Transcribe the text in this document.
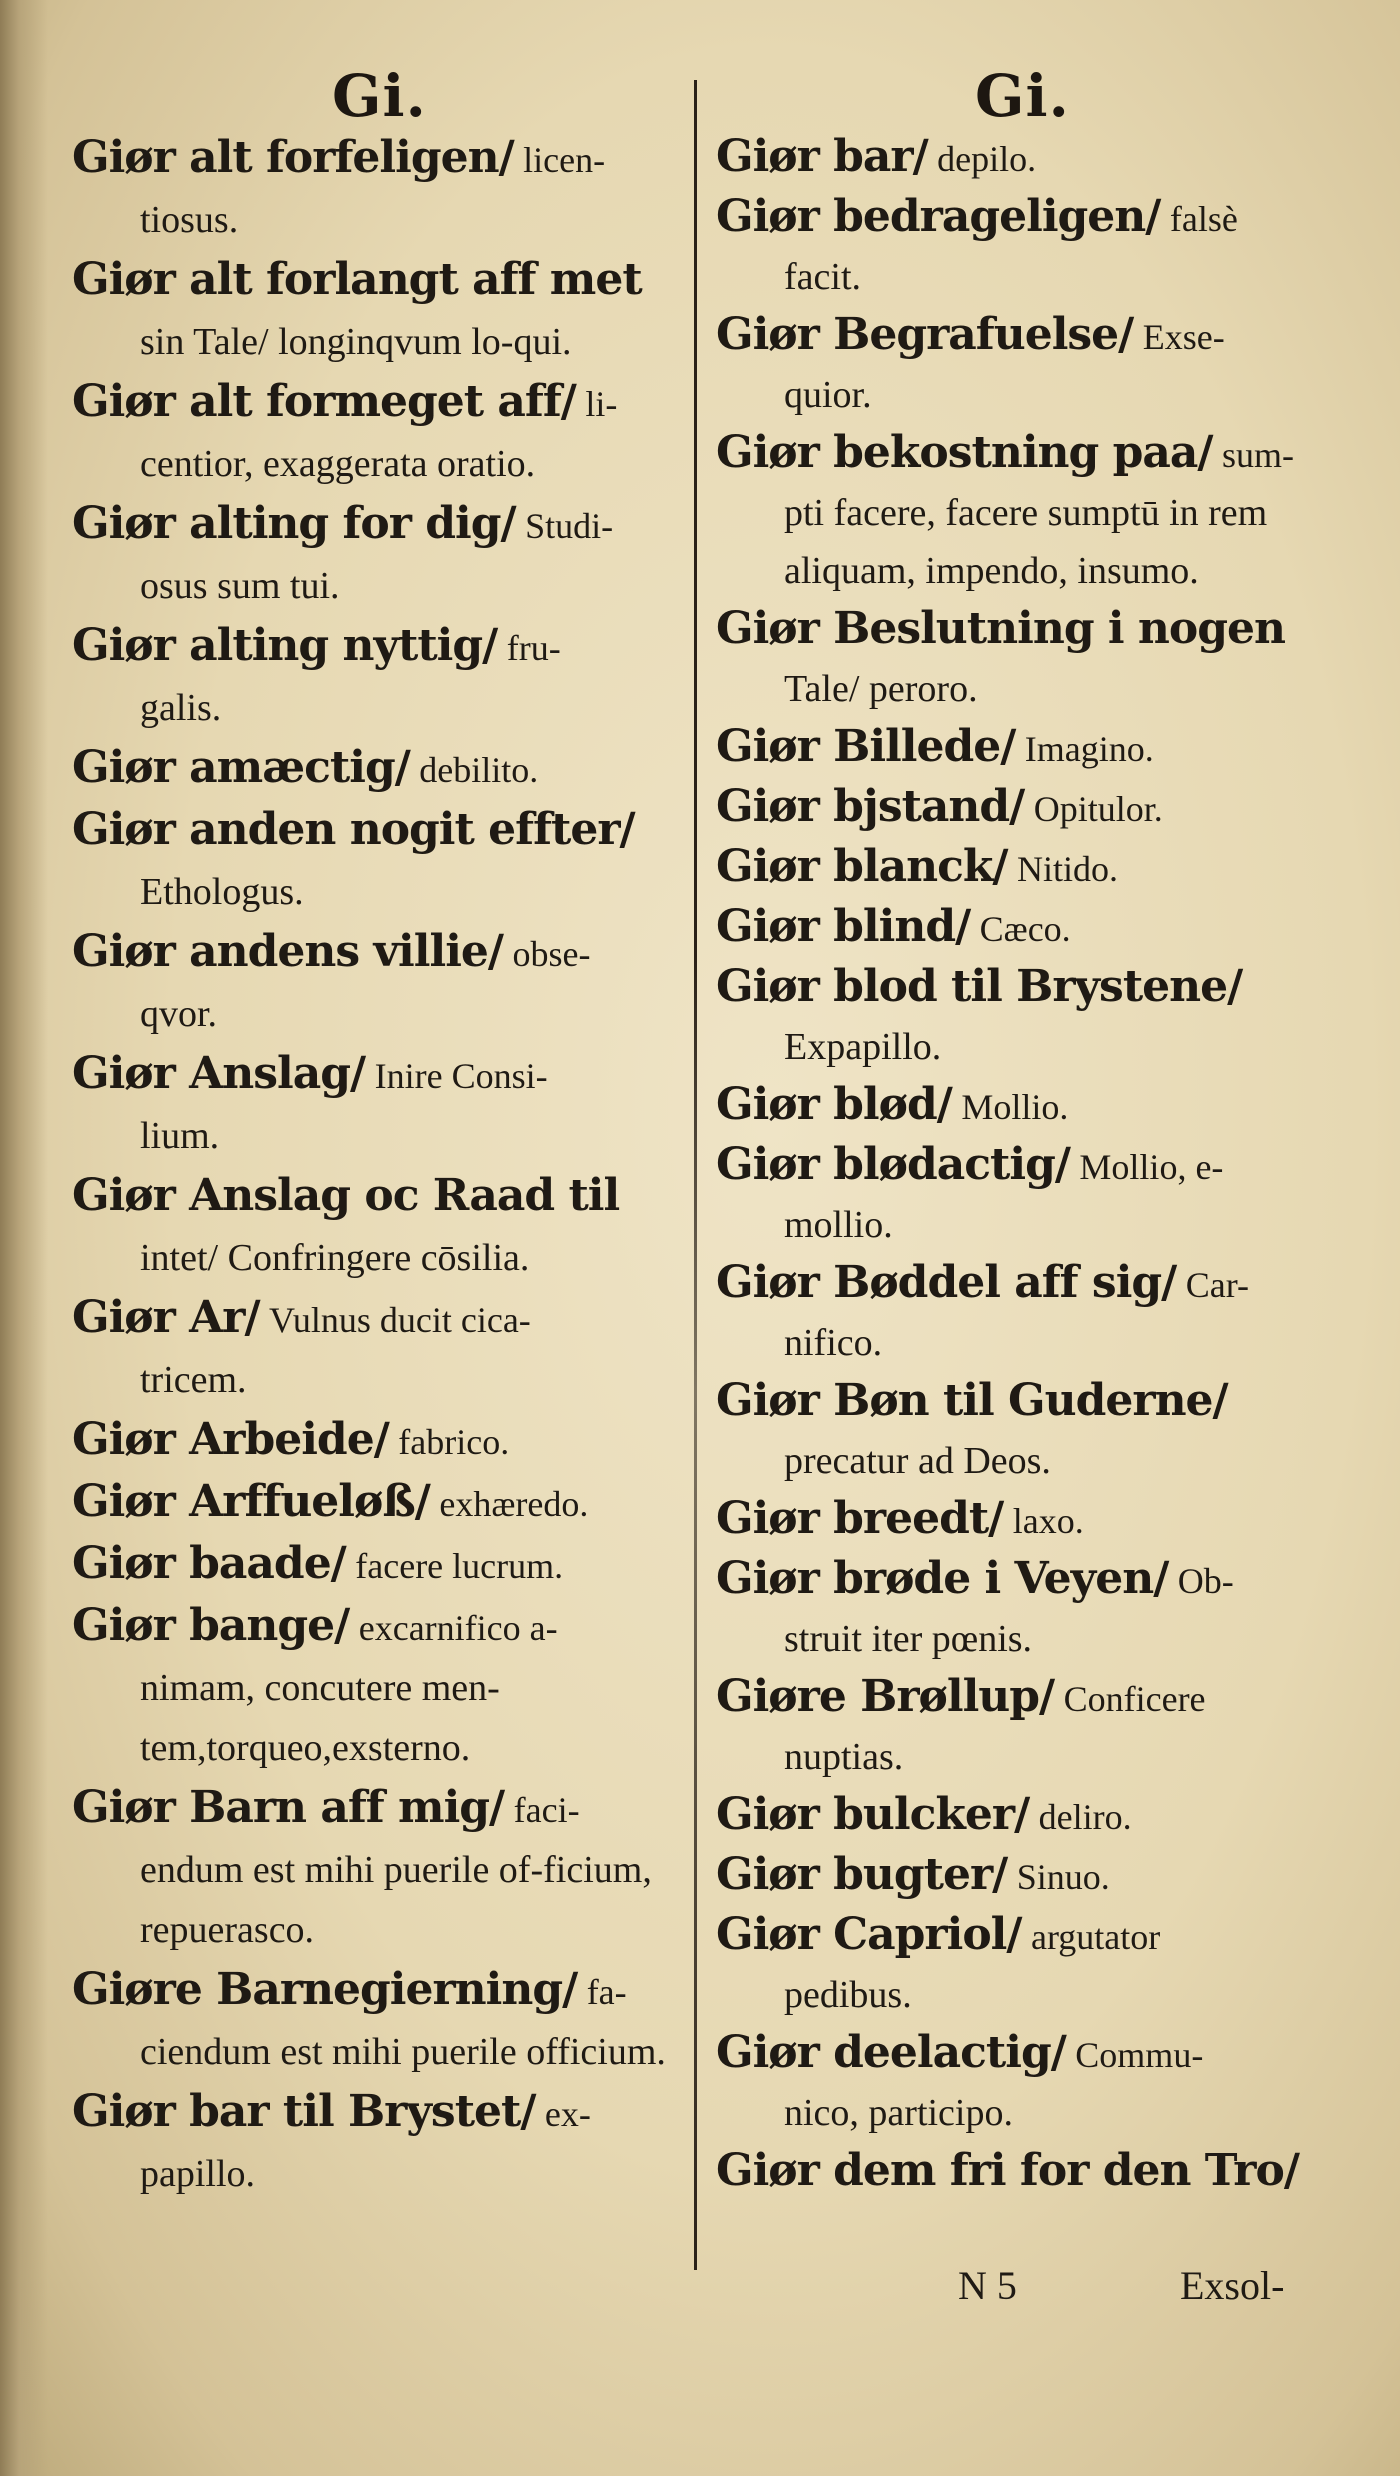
Gi.	Gi.
Giør alt forfeligen/ licen-
tiosus.
Giør alt forlangt aff met
sin Tale/ longinqvum lo-qui.
Giør alt formeget aff/ li-
centior, exaggerata oratio.
Giør alting for dig/ Studi-
osus sum tui.
Giør alting nyttig/ fru-
galis.
Giør amæctig/ debilito.
Giør anden nogit effter/
Ethologus.
Giør andens villie/ obse-
qvor.
Giør Anslag/ Inire Consi-
lium.
Giør Anslag oc Raad til
intet/ Confringere cōsilia.
Giør Ar/ Vulnus ducit cica-
tricem.
Giør Arbeide/ fabrico.
Giør Arffueløß/ exhæredo.
Giør baade/ facere lucrum.
Giør bange/ excarnifico a-
nimam, concutere men-tem,torqueo,exsterno.
Giør Barn aff mig/ faci-
endum est mihi puerile of-ficium, repuerasco.
Giøre Barnegierning/ fa-
ciendum est mihi puerile officium.
Giør bar til Brystet/ ex-
papillo.
Giør bar/ depilo.
Giør bedrageligen/ falsè
facit.
Giør Begrafuelse/ Exse-
quior.
Giør bekostning paa/ sum-
pti facere, facere sumptū in rem aliquam, impendo, insumo.
Giør Beslutning i nogen
Tale/ peroro.
Giør Billede/ Imagino.
Giør bjstand/ Opitulor.
Giør blanck/ Nitido.
Giør blind/ Cæco.
Giør blod til Brystene/
Expapillo.
Giør blød/ Mollio.
Giør blødactig/ Mollio, e-
mollio.
Giør Bøddel aff sig/ Car-
nifico.
Giør Bøn til Guderne/
precatur ad Deos.
Giør breedt/ laxo.
Giør brøde i Veyen/ Ob-
struit iter pœnis.
Giøre Brøllup/ Conficere
nuptias.
Giør bulcker/ deliro.
Giør bugter/ Sinuo.
Giør Capriol/ argutator
pedibus.
Giør deelactig/ Commu-
nico, participo.
Giør dem fri for den Tro/
N 5	Exsol-
